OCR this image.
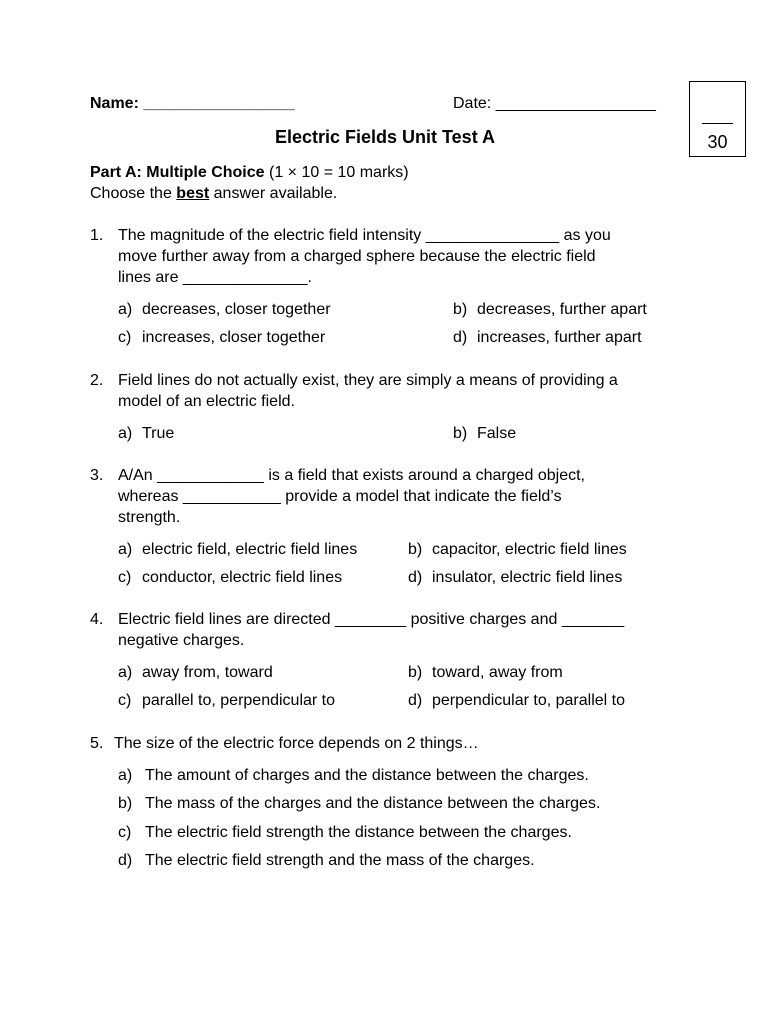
Name: _________________	Date: __________________
30
Electric Fields Unit Test A
Part A: Multiple Choice (1 × 10 = 10 marks)
Choose the best answer available.
1. The magnitude of the electric field intensity _______________ as you
move further away from a charged sphere because the electric field
lines are ______________.
a) decreases, closer together	b) decreases, further apart
c) increases, closer together	d) increases, further apart
2. Field lines do not actually exist, they are simply a means of providing a
model of an electric field.
a) True	b) False
3. A/An ____________ is a field that exists around a charged object,
whereas ___________ provide a model that indicate the field’s
strength.
a) electric field, electric field lines	b) capacitor, electric field lines
c) conductor, electric field lines	d) insulator, electric field lines
4. Electric field lines are directed ________ positive charges and _______
negative charges.
a) away from, toward	b) toward, away from
c) parallel to, perpendicular to	d) perpendicular to, parallel to
5. The size of the electric force depends on 2 things…
a) The amount of charges and the distance between the charges.
b) The mass of the charges and the distance between the charges.
c) The electric field strength the distance between the charges.
d) The electric field strength and the mass of the charges.
